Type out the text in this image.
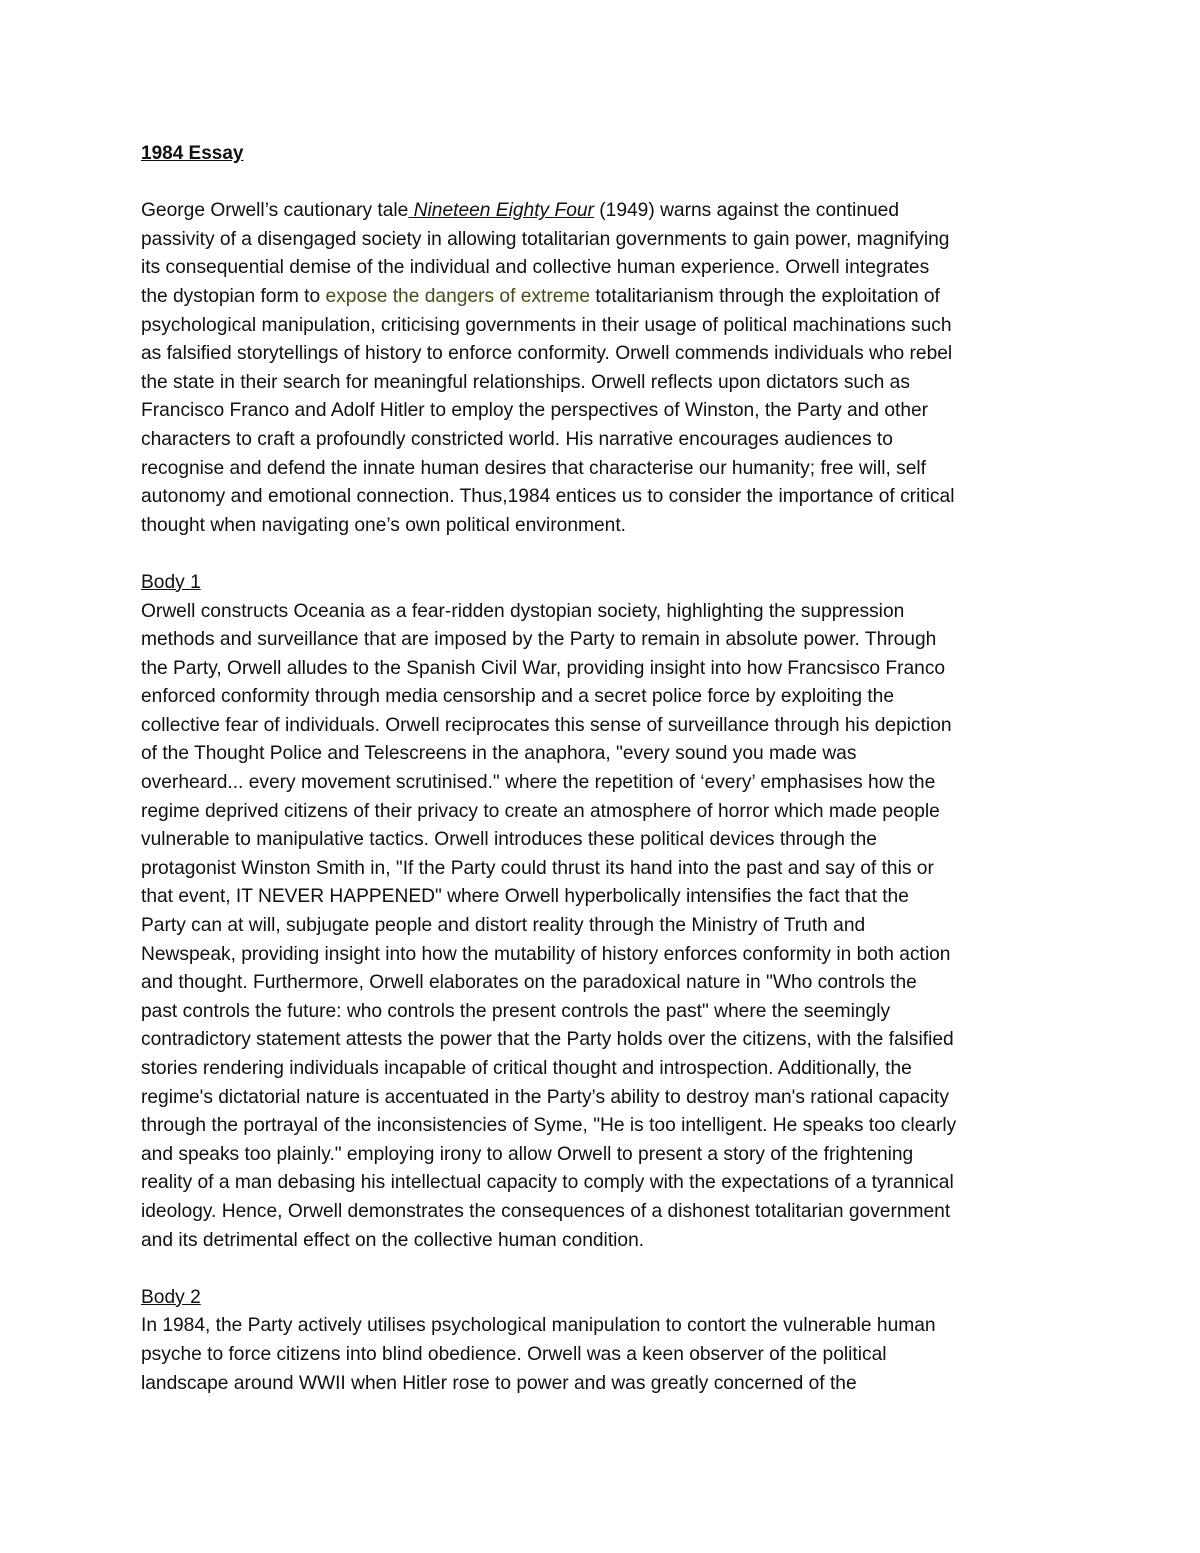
1984 Essay
George Orwell’s cautionary tale Nineteen Eighty Four (1949) warns against the continued
passivity of a disengaged society in allowing totalitarian governments to gain power, magnifying
its consequential demise of the individual and collective human experience. Orwell integrates
the dystopian form to expose the dangers of extreme totalitarianism through the exploitation of
psychological manipulation, criticising governments in their usage of political machinations such
as falsified storytellings of history to enforce conformity. Orwell commends individuals who rebel
the state in their search for meaningful relationships. Orwell reflects upon dictators such as
Francisco Franco and Adolf Hitler to employ the perspectives of Winston, the Party and other
characters to craft a profoundly constricted world. His narrative encourages audiences to
recognise and defend the innate human desires that characterise our humanity; free will, self
autonomy and emotional connection. Thus,1984 entices us to consider the importance of critical
thought when navigating one’s own political environment.
Body 1
Orwell constructs Oceania as a fear-ridden dystopian society, highlighting the suppression
methods and surveillance that are imposed by the Party to remain in absolute power. Through
the Party, Orwell alludes to the Spanish Civil War, providing insight into how Francsisco Franco
enforced conformity through media censorship and a secret police force by exploiting the
collective fear of individuals. Orwell reciprocates this sense of surveillance through his depiction
of the Thought Police and Telescreens in the anaphora, "every sound you made was
overheard... every movement scrutinised." where the repetition of ‘every’ emphasises how the
regime deprived citizens of their privacy to create an atmosphere of horror which made people
vulnerable to manipulative tactics. Orwell introduces these political devices through the
protagonist Winston Smith in, "If the Party could thrust its hand into the past and say of this or
that event, IT NEVER HAPPENED" where Orwell hyperbolically intensifies the fact that the
Party can at will, subjugate people and distort reality through the Ministry of Truth and
Newspeak, providing insight into how the mutability of history enforces conformity in both action
and thought. Furthermore, Orwell elaborates on the paradoxical nature in "Who controls the
past controls the future: who controls the present controls the past" where the seemingly
contradictory statement attests the power that the Party holds over the citizens, with the falsified
stories rendering individuals incapable of critical thought and introspection. Additionally, the
regime's dictatorial nature is accentuated in the Party’s ability to destroy man's rational capacity
through the portrayal of the inconsistencies of Syme, "He is too intelligent. He speaks too clearly
and speaks too plainly." employing irony to allow Orwell to present a story of the frightening
reality of a man debasing his intellectual capacity to comply with the expectations of a tyrannical
ideology. Hence, Orwell demonstrates the consequences of a dishonest totalitarian government
and its detrimental effect on the collective human condition.
Body 2
In 1984, the Party actively utilises psychological manipulation to contort the vulnerable human
psyche to force citizens into blind obedience. Orwell was a keen observer of the political
landscape around WWII when Hitler rose to power and was greatly concerned of the
